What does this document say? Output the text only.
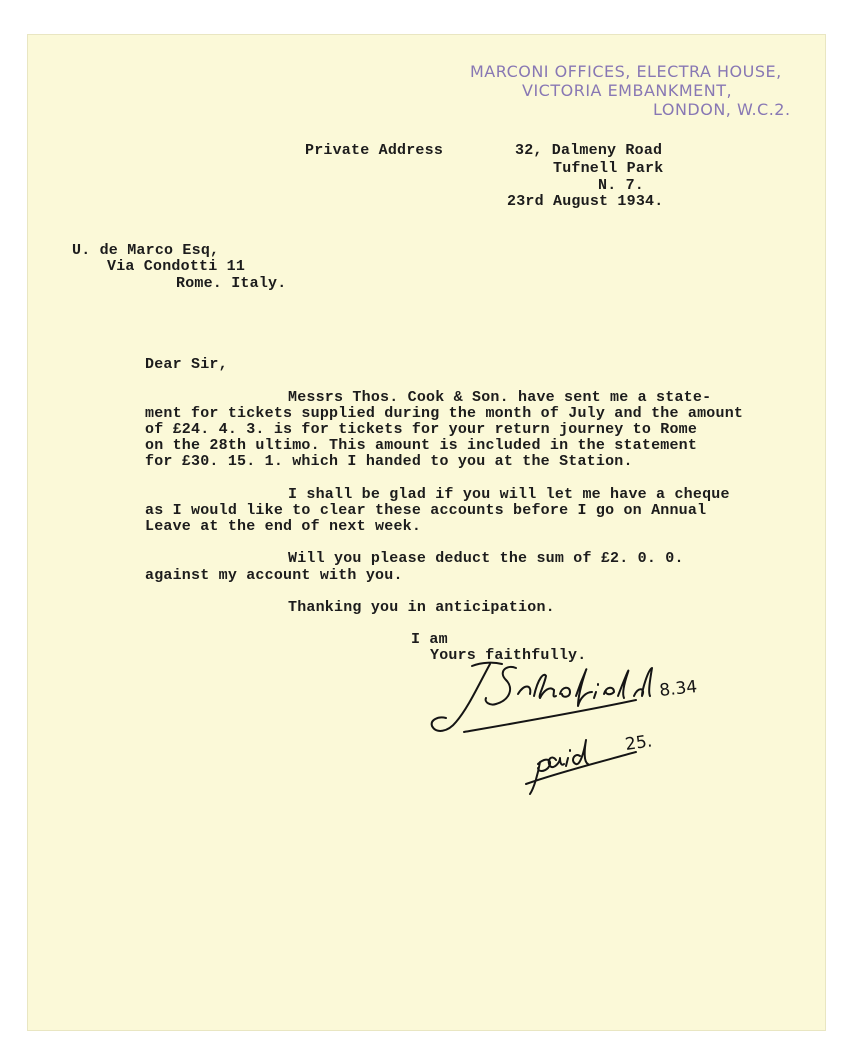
MARCONI OFFICES, ELECTRA HOUSE,
VICTORIA EMBANKMENT,
LONDON, W.C.2.
Private Address	32, Dalmeny Road
Tufnell Park
N. 7.
23rd August 1934.
U. de Marco Esq,
Via Condotti 11
Rome. Italy.
Dear Sir,
Messrs Thos. Cook & Son. have sent me a state-
ment for tickets supplied during the month of July and the amount
of £24. 4. 3. is for tickets for your return journey to Rome
on the 28th ultimo. This amount is included in the statement
for £30. 15. 1. which I handed to you at the Station.
I shall be glad if you will let me have a cheque
as I would like to clear these accounts before I go on Annual
Leave at the end of next week.
Will you please deduct the sum of £2. 0. 0.
against my account with you.
Thanking you in anticipation.
I am
Yours faithfully.
25.
8.34
